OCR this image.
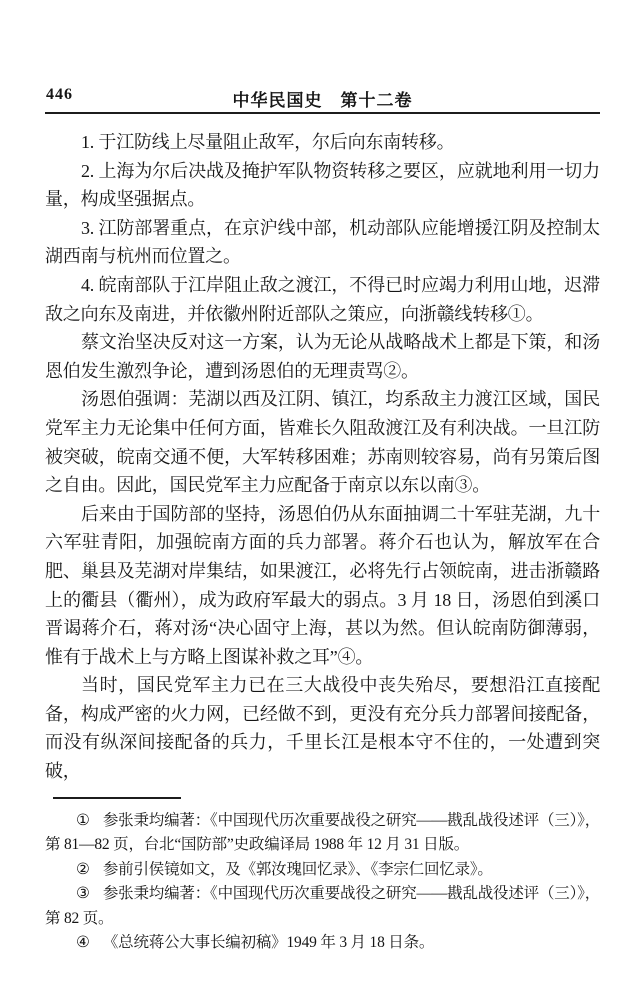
446	中华民国史　第十二卷

1. 于江防线上尽量阻止敌军，尔后向东南转移。

2. 上海为尔后决战及掩护军队物资转移之要区，应就地利用一切力量，构成坚强据点。

3. 江防部署重点，在京沪线中部，机动部队应能增援江阴及控制太湖西南与杭州而位置之。

4. 皖南部队于江岸阻止敌之渡江，不得已时应竭力利用山地，迟滞敌之向东及南进，并依徽州附近部队之策应，向浙赣线转移①。

蔡文治坚决反对这一方案，认为无论从战略战术上都是下策，和汤恩伯发生激烈争论，遭到汤恩伯的无理责骂②。

汤恩伯强调：芜湖以西及江阴、镇江，均系敌主力渡江区域，国民党军主力无论集中任何方面，皆难长久阻敌渡江及有利决战。一旦江防被突破，皖南交通不便，大军转移困难；苏南则较容易，尚有另策后图之自由。因此，国民党军主力应配备于南京以东以南③。

后来由于国防部的坚持，汤恩伯仍从东面抽调二十军驻芜湖，九十六军驻青阳，加强皖南方面的兵力部署。蒋介石也认为，解放军在合肥、巢县及芜湖对岸集结，如果渡江，必将先行占领皖南，进击浙赣路上的衢县（衢州），成为政府军最大的弱点。3 月 18 日，汤恩伯到溪口晋谒蒋介石，蒋对汤“决心固守上海，甚以为然。但认皖南防御薄弱，惟有于战术上与方略上图谋补救之耳”④。

当时，国民党军主力已在三大战役中丧失殆尽，要想沿江直接配备，构成严密的火力网，已经做不到，更没有充分兵力部署间接配备，而没有纵深间接配备的兵力，千里长江是根本守不住的，一处遭到突破，

① 参张秉均编著：《中国现代历次重要战役之研究——戡乱战役述评（三）》，第 81—82 页，台北“国防部”史政编译局 1988 年 12 月 31 日版。

② 参前引侯镜如文，及《郭汝瑰回忆录》、《李宗仁回忆录》。

③ 参张秉均编著：《中国现代历次重要战役之研究——戡乱战役述评（三）》，第 82 页。

④ 《总统蒋公大事长编初稿》1949 年 3 月 18 日条。
